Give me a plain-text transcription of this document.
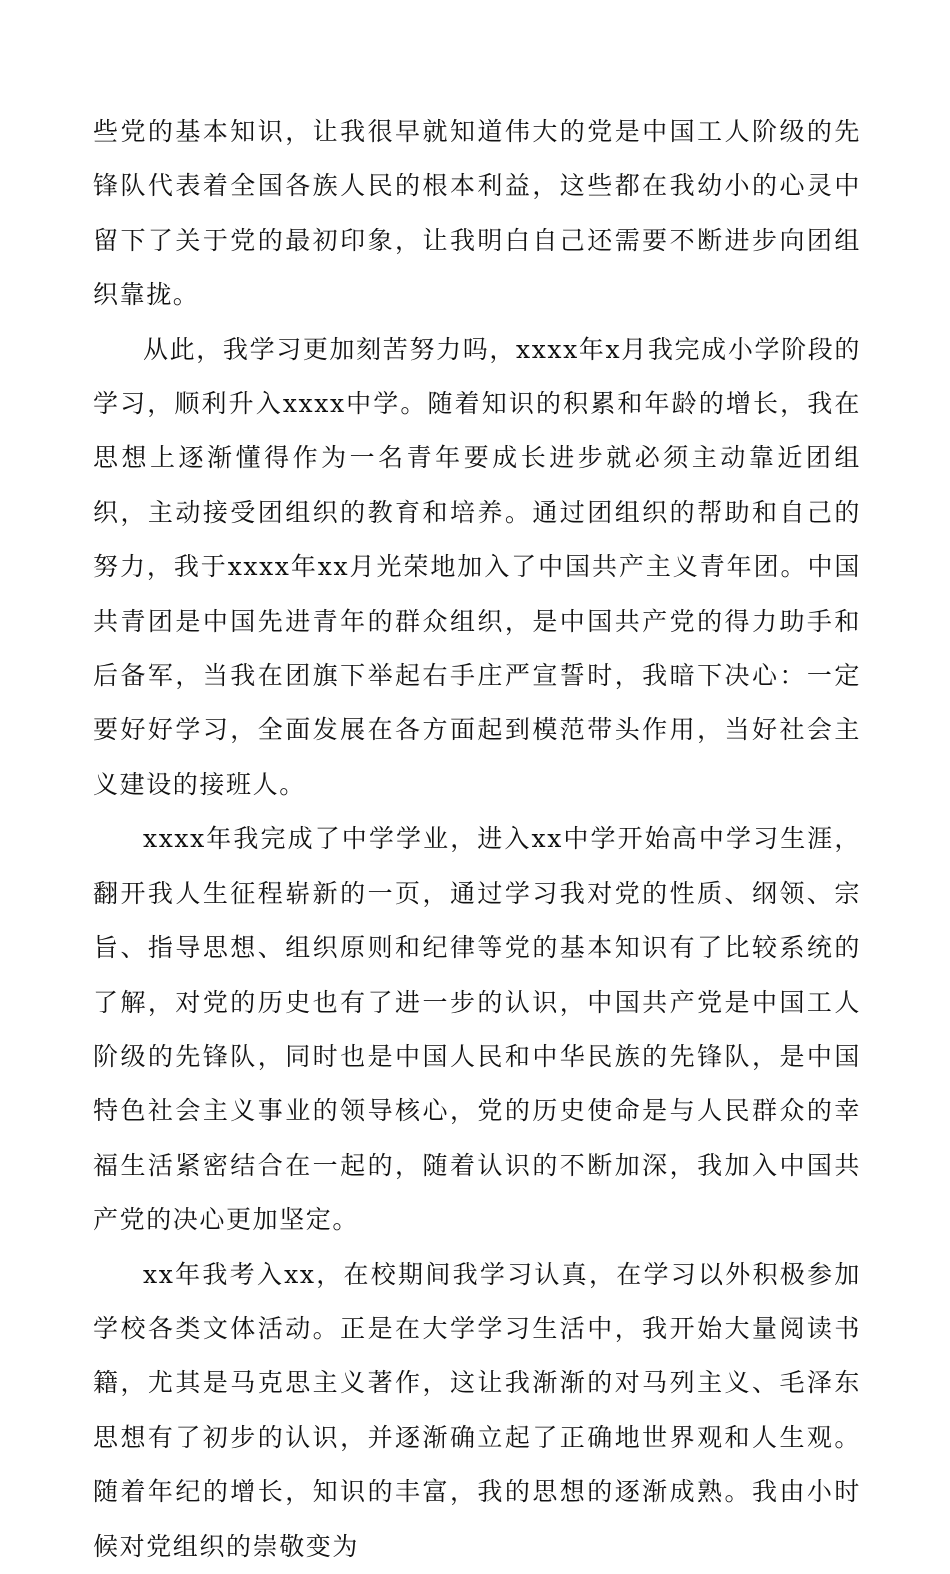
些党的基本知识，让我很早就知道伟大的党是中国工人阶级的先锋队代表着全国各族人民的根本利益，这些都在我幼小的心灵中留下了关于党的最初印象，让我明白自己还需要不断进步向团组织靠拢。

从此，我学习更加刻苦努力吗，xxxx年x月我完成小学阶段的学习，顺利升入xxxx中学。随着知识的积累和年龄的增长，我在思想上逐渐懂得作为一名青年要成长进步就必须主动靠近团组织，主动接受团组织的教育和培养。通过团组织的帮助和自己的努力，我于xxxx年xx月光荣地加入了中国共产主义青年团。中国共青团是中国先进青年的群众组织，是中国共产党的得力助手和后备军，当我在团旗下举起右手庄严宣誓时，我暗下决心：一定要好好学习，全面发展在各方面起到模范带头作用，当好社会主义建设的接班人。

xxxx年我完成了中学学业，进入xx中学开始高中学习生涯，翻开我人生征程崭新的一页，通过学习我对党的性质、纲领、宗旨、指导思想、组织原则和纪律等党的基本知识有了比较系统的了解，对党的历史也有了进一步的认识，中国共产党是中国工人阶级的先锋队，同时也是中国人民和中华民族的先锋队，是中国特色社会主义事业的领导核心，党的历史使命是与人民群众的幸福生活紧密结合在一起的，随着认识的不断加深，我加入中国共产党的决心更加坚定。

xx年我考入xx，在校期间我学习认真，在学习以外积极参加学校各类文体活动。正是在大学学习生活中，我开始大量阅读书籍，尤其是马克思主义著作，这让我渐渐的对马列主义、毛泽东思想有了初步的认识，并逐渐确立起了正确地世界观和人生观。随着年纪的增长，知识的丰富，我的思想的逐渐成熟。我由小时候对党组织的崇敬变为
